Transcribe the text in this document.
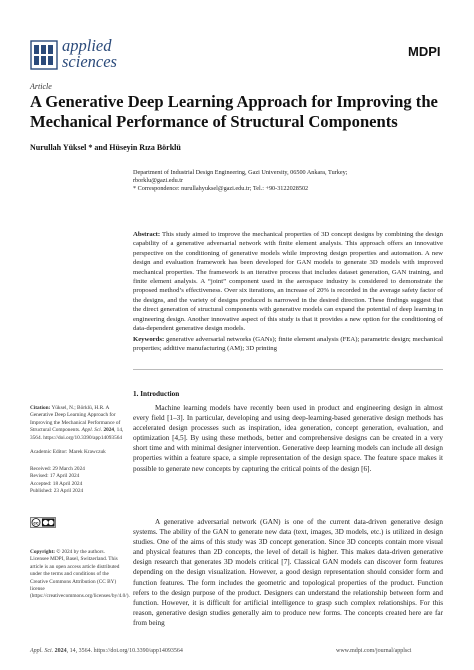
applied
sciences
MDPI
Article
A Generative Deep Learning Approach for Improving the Mechanical Performance of Structural Components
Nurullah Yüksel * and Hüseyin Rıza Börklü
Department of Industrial Design Engineering, Gazi University, 06500 Ankara, Turkey;
rborklu@gazi.edu.tr
* Correspondence: nurullahyuksel@gazi.edu.tr; Tel.: +90-3122028502
Abstract: This study aimed to improve the mechanical properties of 3D concept designs by combining the design capability of a generative adversarial network with finite element analysis. This approach offers an innovative perspective on the conditioning of generative models while improving design properties and automation. A new design and evaluation framework has been developed for GAN models to generate 3D models with improved mechanical properties. The framework is an iterative process that includes dataset generation, GAN training, and finite element analysis. A “joint” component used in the aerospace industry is considered to demonstrate the proposed method’s effectiveness. Over six iterations, an increase of 20% is recorded in the average safety factor of the designs, and the variety of designs produced is narrowed in the desired direction. These findings suggest that the direct generation of structural components with generative models can expand the potential of deep learning in engineering design. Another innovative aspect of this study is that it provides a new option for the conditioning of data-dependent generative design models.
Keywords: generative adversarial networks (GANs); finite element analysis (FEA); parametric design; mechanical properties; additive manufacturing (AM); 3D printing
1. Introduction
Machine learning models have recently been used in product and engineering design in almost every field [1–3]. In particular, developing and using deep-learning-based generative design methods has accelerated design processes such as inspiration, idea generation, concept generation, evaluation, and optimization [4,5]. By using these methods, better and comprehensive designs can be created in a very short time and with minimal designer intervention. Generative deep learning models can include all design properties within a feature space, a simple representation of the design space. The feature space makes it possible to generate new concepts by capturing the critical points of the design [6].
A generative adversarial network (GAN) is one of the current data-driven generative design systems. The ability of the GAN to generate new data (text, images, 3D models, etc.) is utilized in design studies. One of the aims of this study was 3D concept generation. Since 3D concepts contain more visual and physical features than 2D concepts, the level of detail is higher. This makes data-driven generative design research that generates 3D models critical [7]. Classical GAN models can discover form features depending on the design visualization. However, a good design representation should consider form and function features. The form includes the geometric and topological properties of the product. Function refers to the design purpose of the product. Designers can understand the relationship between form and function. However, it is difficult for artificial intelligence to grasp such complex relationships. For this reason, generative design studies generally aim to produce new forms. The concepts created here are far from being
Citation: Yüksel, N.; Börklü, H.R. A Generative Deep Learning Approach for Improving the Mechanical Performance of Structural Components. Appl. Sci. 2024, 14, 3564. https://doi.org/10.3390/app14093564
Academic Editor: Marek Krawczuk
Received: 29 March 2024
Revised: 17 April 2024
Accepted: 18 April 2024
Published: 23 April 2024
cc
Copyright: © 2024 by the authors. Licensee MDPI, Basel, Switzerland. This article is an open access article distributed under the terms and conditions of the Creative Commons Attribution (CC BY) license (https://creativecommons.org/licenses/by/4.0/).
Appl. Sci. 2024, 14, 3564. https://doi.org/10.3390/app14093564	www.mdpi.com/journal/applsci
